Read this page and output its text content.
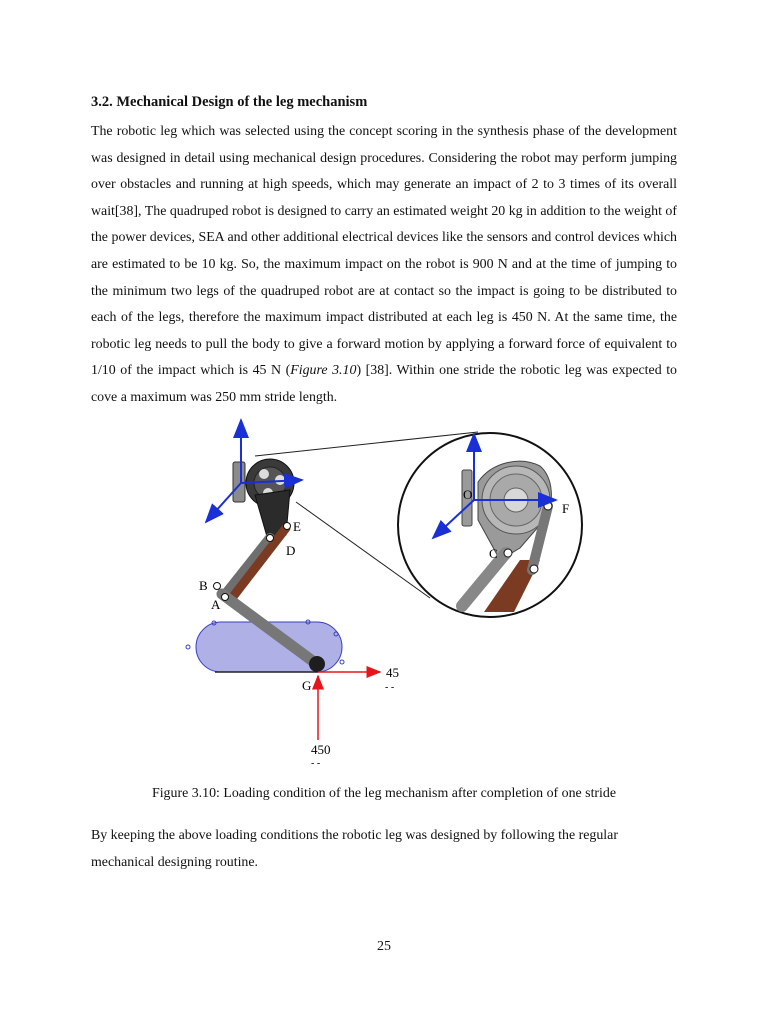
3.2. Mechanical Design of the leg mechanism

The robotic leg which was selected using the concept scoring in the synthesis phase of the development was designed in detail using mechanical design procedures. Considering the robot may perform jumping over obstacles and running at high speeds, which may generate an impact of 2 to 3 times of its overall wait[38], The quadruped robot is designed to carry an estimated weight 20 kg in addition to the weight of the power devices, SEA and other additional electrical devices like the sensors and control devices which are estimated to be 10 kg. So, the maximum impact on the robot is 900 N and at the time of jumping to the minimum two legs of the quadruped robot are at contact so the impact is going to be distributed to each of the legs, therefore the maximum impact distributed at each leg is 450 N. At the same time, the robotic leg needs to pull the body to give a forward motion by applying a forward force of equivalent to 1/10 of the impact which is 45 N (Figure 3.10) [38]. Within one stride the robotic leg was expected to cove a maximum was 250 mm stride length.

E
D
B
A
G
45
- -
450
- -
O
F
C
Figure 3.10: Loading condition of the leg mechanism after completion of one stride

By keeping the above loading conditions the robotic leg was designed by following the regular mechanical designing routine.

25
